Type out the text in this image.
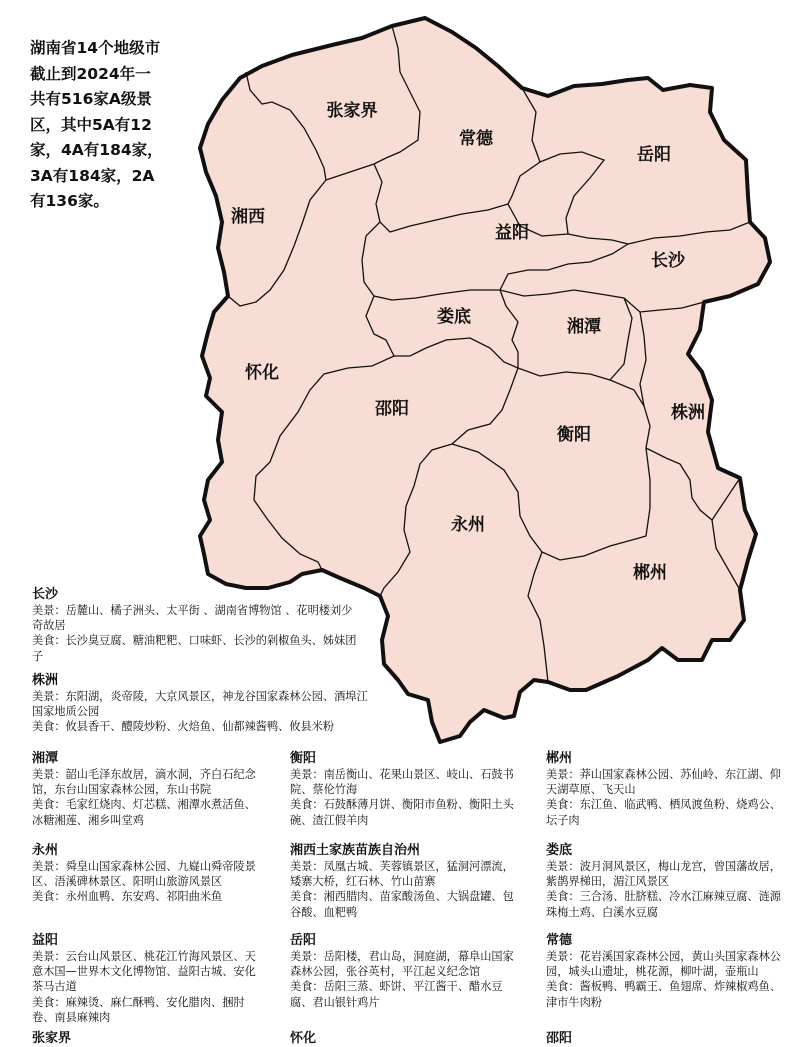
湖南省14个地级市
截止到2024年一
共有516家A级景
区，其中5A有12
家，4A有184家，
3A有184家，2A
有136家。
张家界
常德
岳阳
湘西
益阳
长沙
娄底	湘潭
怀化
邵阳	株洲
衡阳
永州
郴州
长沙
美景：岳麓山、橘子洲头、太平街 、湖南省博物馆 、花明楼刘少奇故居
美食：长沙臭豆腐、糖油粑粑、口味虾、长沙的剁椒鱼头、姊妹团子
株洲
美景：东阳湖，炎帝陵，大京风景区，神龙谷国家森林公园、酒埠江国家地质公园
美食：攸县香干、醴陵炒粉、火焙鱼、仙都辣酱鸭、攸县米粉
湘潭
美景：韶山毛泽东故居，滴水洞，齐白石纪念馆，东台山国家森林公园，东山书院
美食：毛家红烧肉、灯芯糕、湘潭水煮活鱼、冰糖湘莲、湘乡叫堂鸡
衡阳
美景：南岳衡山、花果山景区、岐山、石鼓书院、蔡伦竹海
美食：石鼓酥薄月饼、衡阳市鱼粉、衡阳土头碗、渣江假羊肉
郴州
美景：莽山国家森林公园、苏仙岭、东江湖、仰天湖草原、飞天山
美食：东江鱼、临武鸭、栖凤渡鱼粉、烧鸡公、坛子肉
永州
美景：舜皇山国家森林公园、九嶷山舜帝陵景区、浯溪碑林景区、阳明山旅游风景区
美食：永州血鸭、东安鸡、祁阳曲米鱼
湘西土家族苗族自治州
美景：凤凰古城、芙蓉镇景区，猛洞河漂流，矮寨大桥，红石林、竹山苗寨
美食：湘西腊肉、苗家酸汤鱼、大锅盘罐、包谷酸、血粑鸭
娄底
美景：波月洞风景区，梅山龙宫，曾国藩故居，紫鹊界梯田，湄江风景区
美食：三合汤、肚脐糕、冷水江麻辣豆腐、涟源珠梅土鸡、白溪水豆腐
益阳
美景：云台山风景区、桃花江竹海风景区、天意木国—世界木文化博物馆、益阳古城、安化茶马古道
美食：麻辣烫、麻仁酥鸭、安化腊肉、捆肘卷、南县麻辣肉
岳阳
美景：岳阳楼，君山岛，洞庭湖，幕阜山国家森林公园，张谷英村，平江起义纪念馆
美食：岳阳三蒸、虾饼、平江酱干、醋水豆腐、君山银针鸡片
常德
美景：花岩溪国家森林公园，黄山头国家森林公园，城头山遗址，桃花源，柳叶湖，壶瓶山
美食：酱板鸭、鸭霸王、鱼翅席、炸辣椒鸡鱼、津市牛肉粉
张家界	怀化	邵阳
